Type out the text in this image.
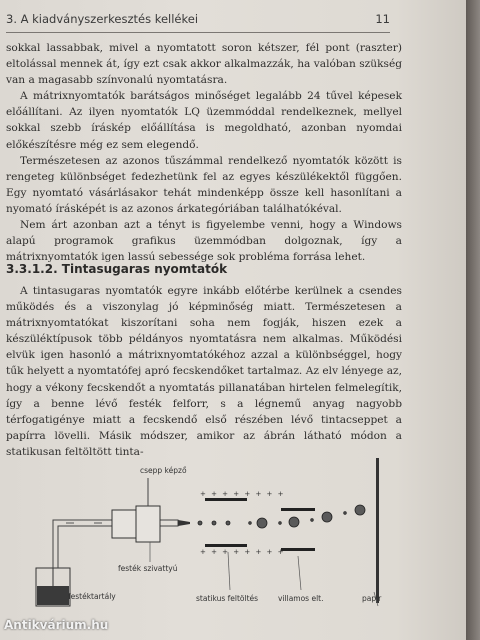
3. A kiadványszerkesztés kellékei	11

sokkal lassabbak, mivel a nyomtatott soron kétszer, fél pont (raszter) eltolással mennek át, így ezt csak akkor alkalmazzák, ha valóban szükség van a magasabb színvonalú nyomtatásra.

A mátrixnyomtatók barátságos minőséget legalább 24 tűvel képesek előállítani. Az ilyen nyomtatók LQ üzemmóddal rendelkeznek, mellyel sokkal szebb íráskép előállítása is megoldható, azonban nyomdai előkészítésre még ez sem elegendő.

Természetesen az azonos tűszámmal rendelkező nyomtatók között is rengeteg különbséget fedezhetünk fel az egyes készülékektől függően. Egy nyomtató vásárlásakor tehát mindenképp össze kell hasonlítani a nyomató írásképét is az azonos árkategóriában találhatókéval.

Nem árt azonban azt a tényt is figyelembe venni, hogy a Windows alapú programok grafikus üzemmódban dolgoznak, így a mátrixnyomtatók igen lassú sebessége sok probléma forrása lehet.

3.3.1.2. Tintasugaras nyomtatók

A tintasugaras nyomtatók egyre inkább előtérbe kerülnek a csendes működés és a viszonylag jó képminőség miatt. Természetesen a mátrixnyomtatókat kiszorítani soha nem fogják, hiszen ezek a készüléktípusok több példányos nyomtatásra nem alkalmas. Működési elvük igen hasonló a mátrixnyomtatókéhoz azzal a különbséggel, hogy tűk helyett a nyomtatófej apró fecskendőket tartalmaz. Az elv lényege az, hogy a vékony fecskendőt a nyomtatás pillanatában hirtelen felmelegítik, így a benne lévő festék felforr, s a légnemű anyag nagyobb térfogatigénye miatt a fecskendő első részében lévő tintacseppet a papírra lövelli. Másik módszer, amikor az ábrán látható módon a statikusan feltöltött tinta-

+ + + + + + + +
+ + + + + + + +
csepp képző
festék szivattyú
festéktartály	statikus feltöltés	villamos elt.	papír
Antikvárium.hu
